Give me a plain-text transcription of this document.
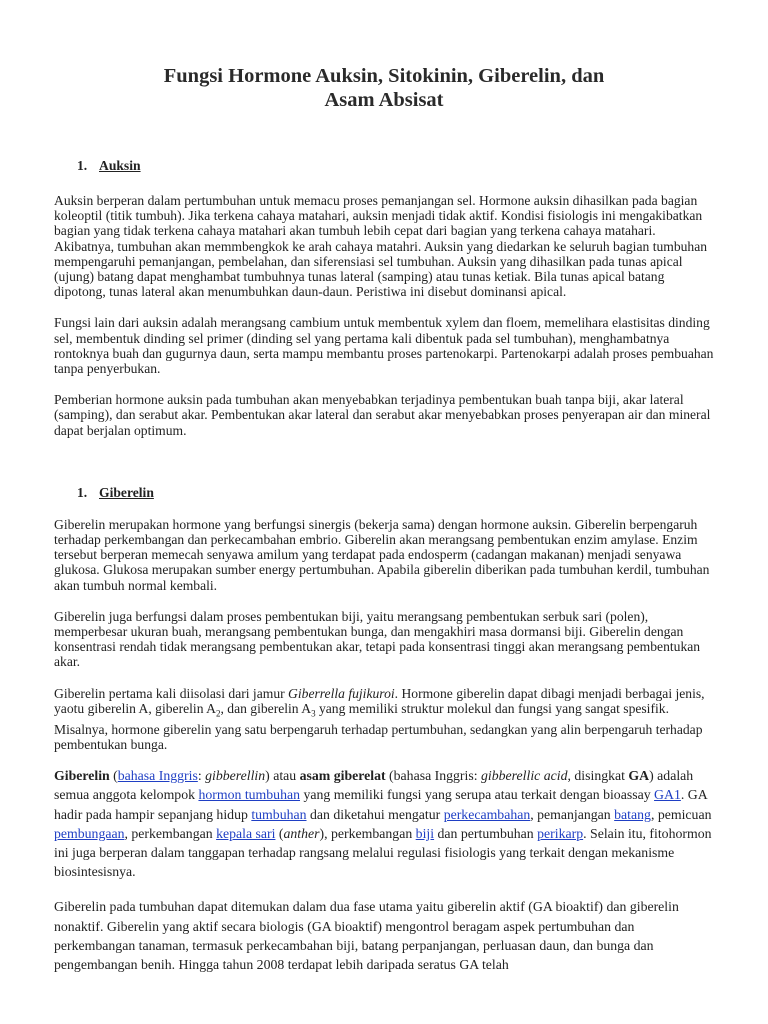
Fungsi Hormone Auksin, Sitokinin, Giberelin, dan
Asam Absisat
1. Auksin

Auksin berperan dalam pertumbuhan untuk memacu proses pemanjangan sel. Hormone auksin dihasilkan pada bagian koleoptil (titik tumbuh). Jika terkena cahaya matahari, auksin menjadi tidak aktif. Kondisi fisiologis ini mengakibatkan bagian yang tidak terkena cahaya matahari akan tumbuh lebih cepat dari bagian yang terkena cahaya matahari. Akibatnya, tumbuhan akan memmbengkok ke arah cahaya matahri. Auksin yang diedarkan ke seluruh bagian tumbuhan mempengaruhi pemanjangan, pembelahan, dan siferensiasi sel tumbuhan. Auksin yang dihasilkan pada tunas apical (ujung) batang dapat menghambat tumbuhnya tunas lateral (samping) atau tunas ketiak. Bila tunas apical batang dipotong, tunas lateral akan menumbuhkan daun-daun. Peristiwa ini disebut dominansi apical.

Fungsi lain dari auksin adalah merangsang cambium untuk membentuk xylem dan floem, memelihara elastisitas dinding sel, membentuk dinding sel primer (dinding sel yang pertama kali dibentuk pada sel tumbuhan), menghambatnya rontoknya buah dan gugurnya daun, serta mampu membantu proses partenokarpi. Partenokarpi adalah proses pembuahan tanpa penyerbukan.

Pemberian hormone auksin pada tumbuhan akan menyebabkan terjadinya pembentukan buah tanpa biji, akar lateral (samping), dan serabut akar. Pembentukan akar lateral dan serabut akar menyebabkan proses penyerapan air dan mineral dapat berjalan optimum.

1. Giberelin

Giberelin merupakan hormone yang berfungsi sinergis (bekerja sama) dengan hormone auksin. Giberelin berpengaruh terhadap perkembangan dan perkecambahan embrio. Giberelin akan merangsang pembentukan enzim amylase. Enzim tersebut berperan memecah senyawa amilum yang terdapat pada endosperm (cadangan makanan) menjadi senyawa glukosa. Glukosa merupakan sumber energy pertumbuhan. Apabila giberelin diberikan pada tumbuhan kerdil, tumbuhan akan tumbuh normal kembali.

Giberelin juga berfungsi dalam proses pembentukan biji, yaitu merangsang pembentukan serbuk sari (polen), memperbesar ukuran buah, merangsang pembentukan bunga, dan mengakhiri masa dormansi biji. Giberelin dengan konsentrasi rendah tidak merangsang pembentukan akar, tetapi pada konsentrasi tinggi akan merangsang pembentukan akar.

Giberelin pertama kali diisolasi dari jamur Giberrella fujikuroi. Hormone giberelin dapat dibagi menjadi berbagai jenis, yaotu giberelin A, giberelin $A_2$, dan giberelin $A_3$ yang memiliki struktur molekul dan fungsi yang sangat spesifik. Misalnya, hormone giberelin yang satu berpengaruh terhadap pertumbuhan, sedangkan yang alin berpengaruh terhadap pembentukan bunga.

Giberelin (bahasa Inggris: gibberellin) atau asam giberelat (bahasa Inggris: gibberellic acid, disingkat GA) adalah semua anggota kelompok hormon tumbuhan yang memiliki fungsi yang serupa atau terkait dengan bioassay GA1. GA hadir pada hampir sepanjang hidup tumbuhan dan diketahui mengatur perkecambahan, pemanjangan batang, pemicuan pembungaan, perkembangan kepala sari (anther), perkembangan biji dan pertumbuhan perikarp. Selain itu, fitohormon ini juga berperan dalam tanggapan terhadap rangsang melalui regulasi fisiologis yang terkait dengan mekanisme biosintesisnya.

Giberelin pada tumbuhan dapat ditemukan dalam dua fase utama yaitu giberelin aktif (GA bioaktif) dan giberelin nonaktif. Giberelin yang aktif secara biologis (GA bioaktif) mengontrol beragam aspek pertumbuhan dan perkembangan tanaman, termasuk perkecambahan biji, batang perpanjangan, perluasan daun, dan bunga dan pengembangan benih. Hingga tahun 2008 terdapat lebih daripada seratus GA telah
